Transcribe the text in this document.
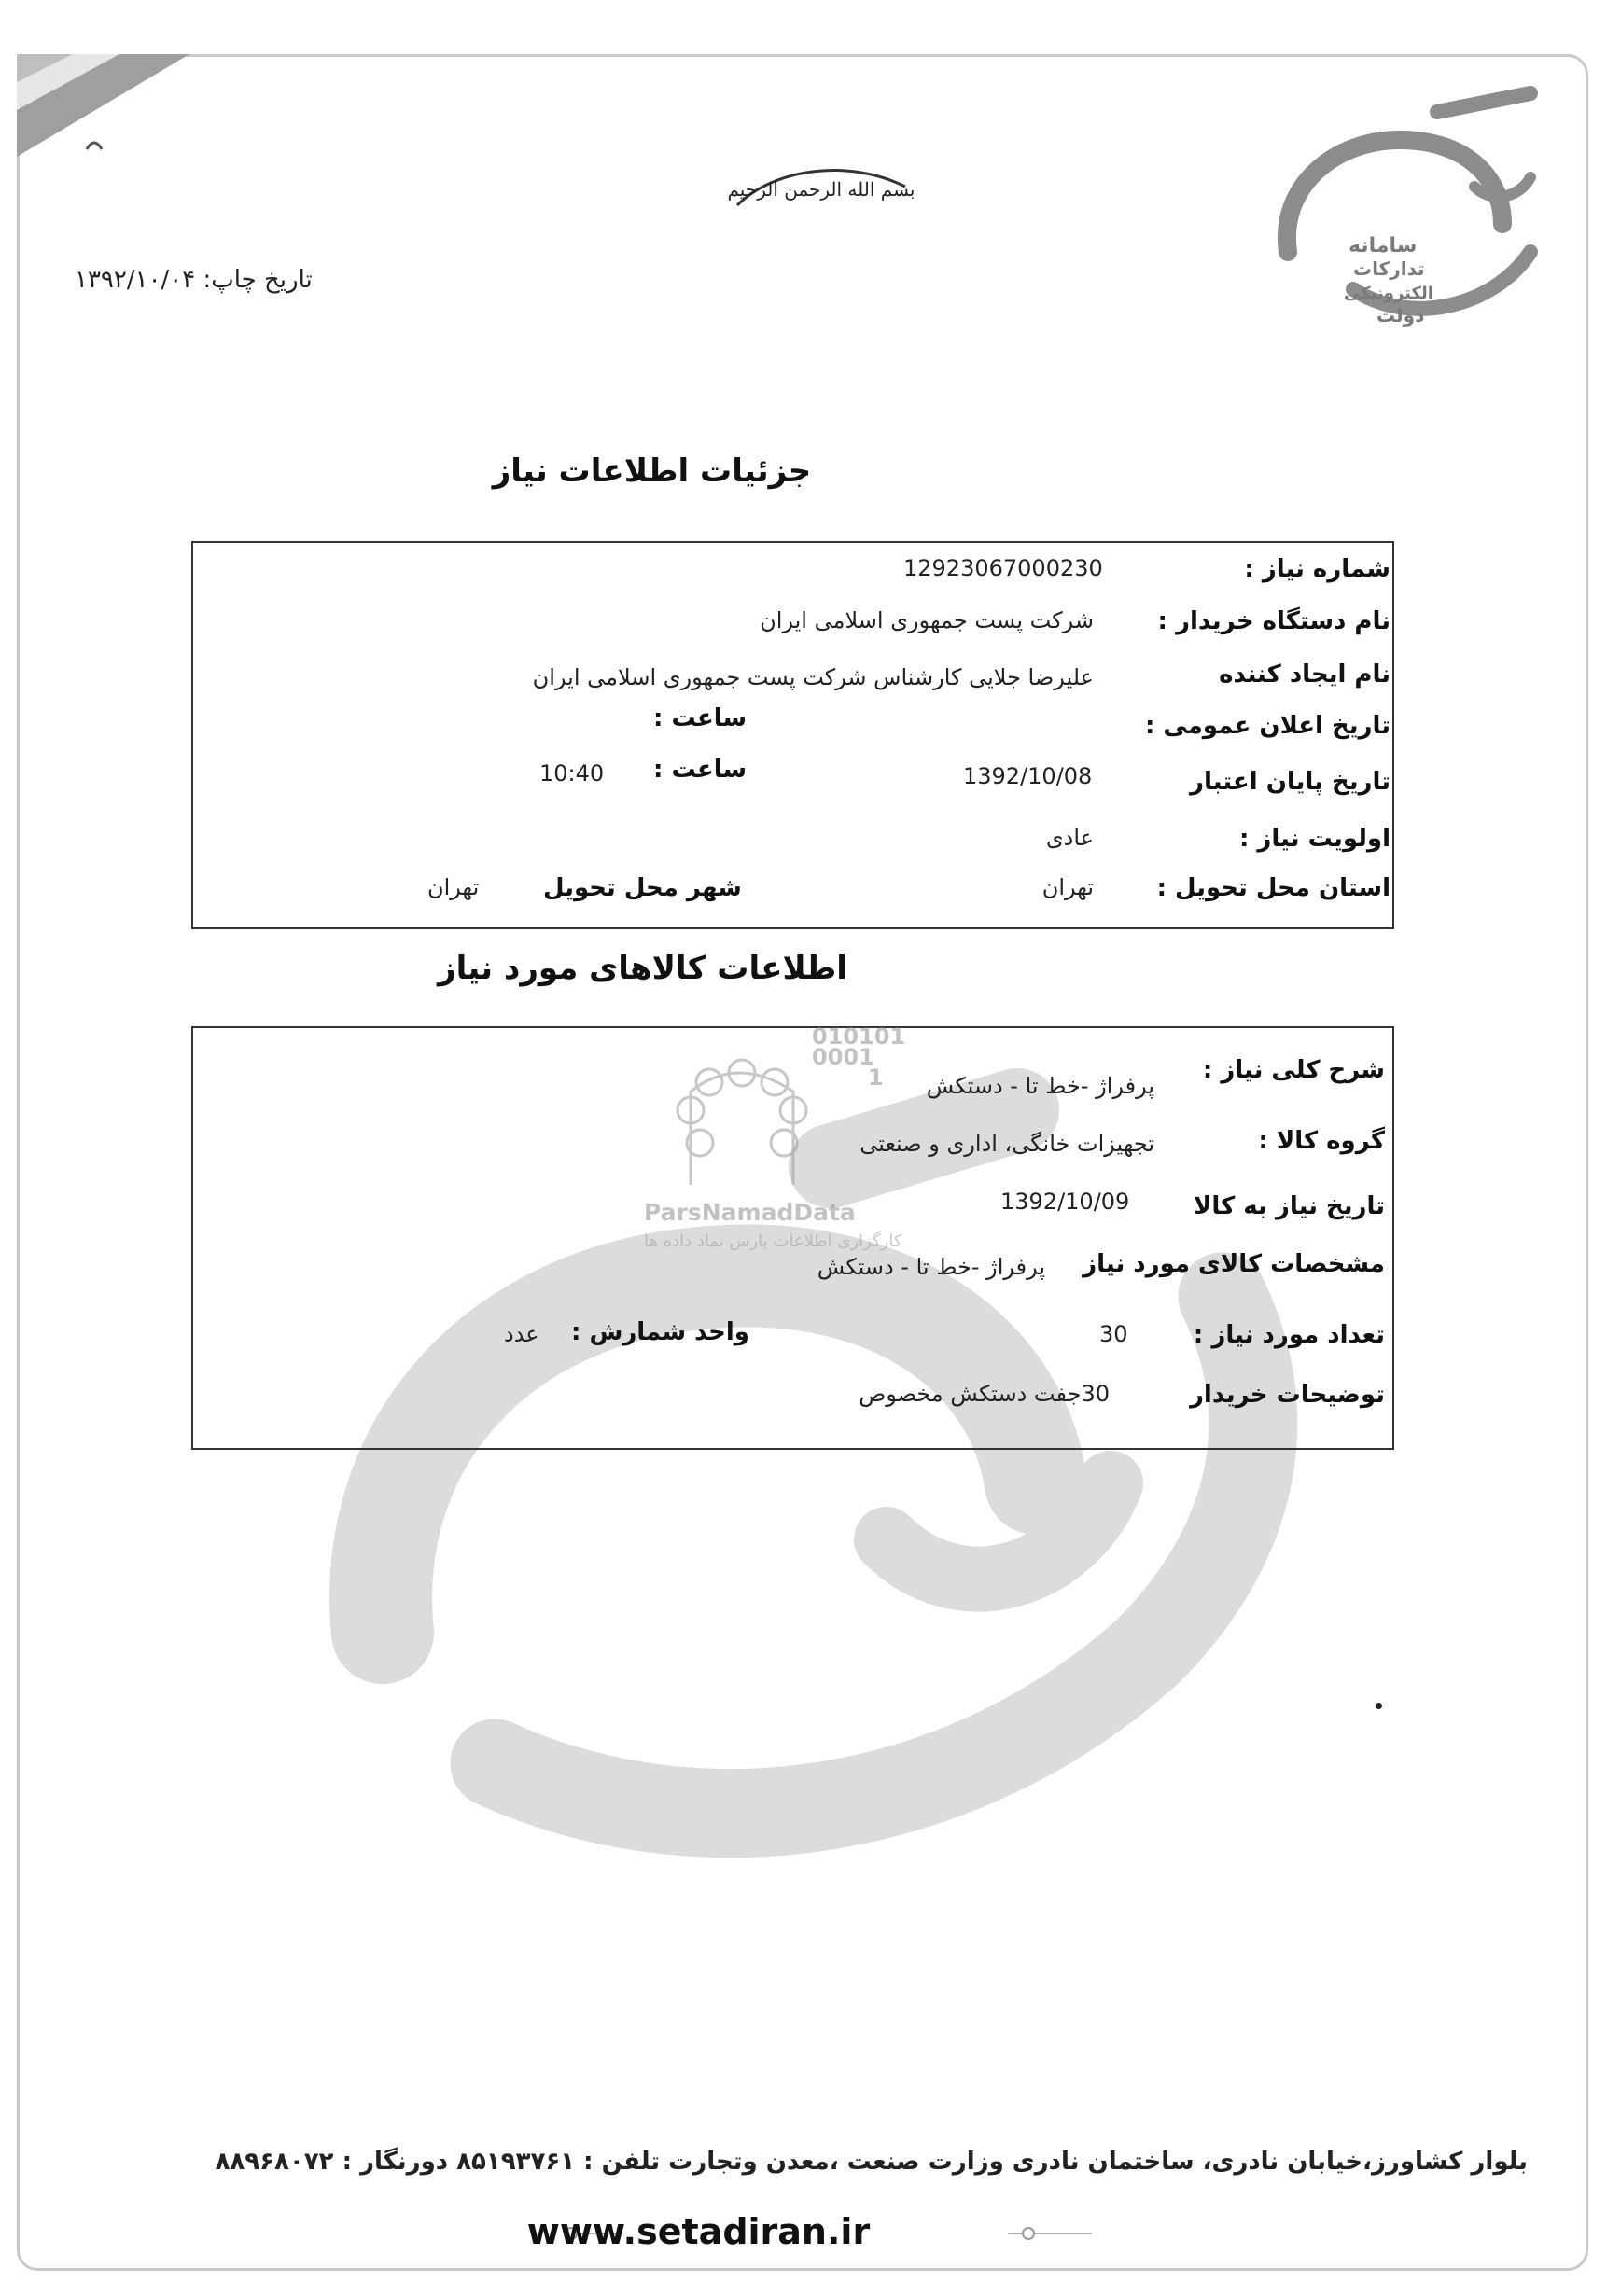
سامانه
تدارکات
الکترونیکی
دولت
بسم الله الرحمن الرحیم
تاریخ چاپ: ۱۳۹۲/۱۰/۰۴
جزئیات اطلاعات نیاز
شماره نیاز :
12923067000230
نام دستگاه خریدار :
شرکت پست جمهوری اسلامی ایران
نام ایجاد کننده
علیرضا جلایی کارشناس شرکت پست جمهوری اسلامی ایران
تاریخ اعلان عمومی :
ساعت :
تاریخ پایان اعتبار
1392/10/08
ساعت :
10:40
اولویت نیاز :
عادی
استان محل تحویل :
تهران
شهر محل تحویل
تهران
اطلاعات کالاهای مورد نیاز
010101
0001
1
ParsNamadData
کارگزاری اطلاعات پارس نماد داده ها
شرح کلی نیاز :
پرفراژ -خط تا - دستکش
گروه کالا :
تجهیزات خانگی، اداری و صنعتی
تاریخ نیاز به کالا
1392/10/09
مشخصات کالای مورد نیاز
پرفراژ -خط تا - دستکش
تعداد مورد نیاز :
30
واحد شمارش :
عدد
توضیحات خریدار
30جفت دستکش مخصوص
بلوار کشاورز،خیابان نادری، ساختمان نادری وزارت صنعت ،معدن وتجارت تلفن : ۸۵۱۹۳۷۶۱ دورنگار : ۸۸۹۶۸۰۷۲
www.setadiran.ir
